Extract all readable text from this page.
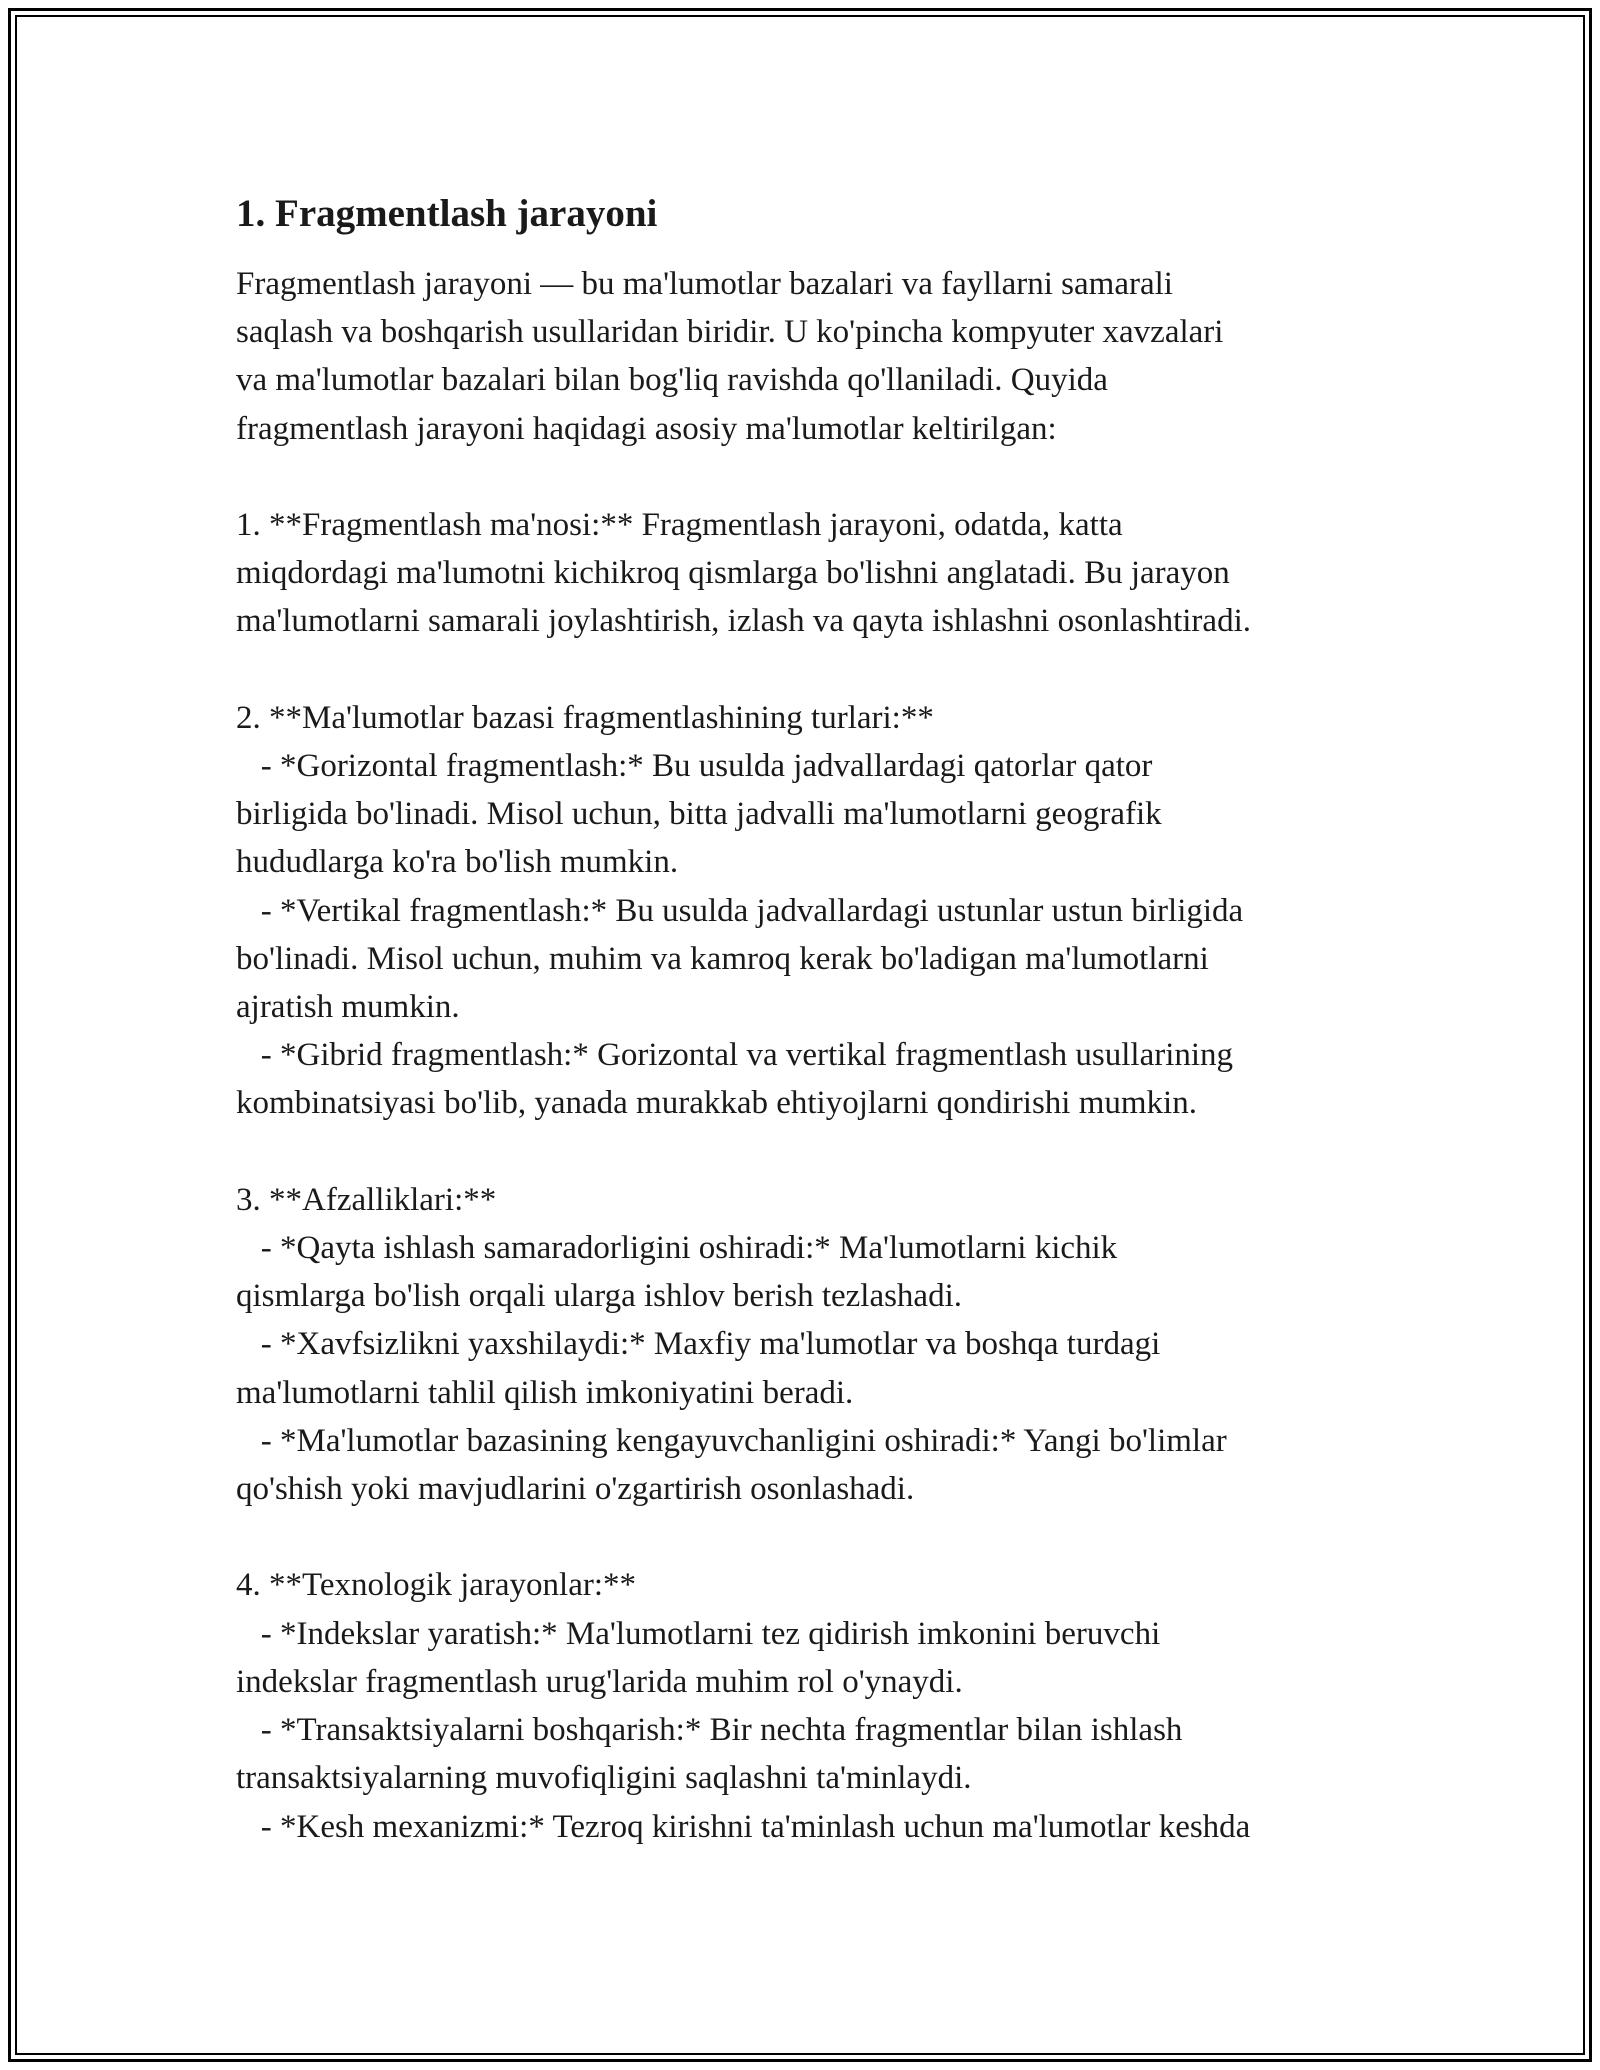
1. Fragmentlash jarayoni

Fragmentlash jarayoni — bu ma'lumotlar bazalari va fayllarni samarali
saqlash va boshqarish usullaridan biridir. U ko'pincha kompyuter xavzalari
va ma'lumotlar bazalari bilan bog'liq ravishda qo'llaniladi. Quyida
fragmentlash jarayoni haqidagi asosiy ma'lumotlar keltirilgan:

1. **Fragmentlash ma'nosi:** Fragmentlash jarayoni, odatda, katta
miqdordagi ma'lumotni kichikroq qismlarga bo'lishni anglatadi. Bu jarayon
ma'lumotlarni samarali joylashtirish, izlash va qayta ishlashni osonlashtiradi.

2. **Ma'lumotlar bazasi fragmentlashining turlari:**
- *Gorizontal fragmentlash:* Bu usulda jadvallardagi qatorlar qator
birligida bo'linadi. Misol uchun, bitta jadvalli ma'lumotlarni geografik
hududlarga ko'ra bo'lish mumkin.
- *Vertikal fragmentlash:* Bu usulda jadvallardagi ustunlar ustun birligida
bo'linadi. Misol uchun, muhim va kamroq kerak bo'ladigan ma'lumotlarni
ajratish mumkin.
- *Gibrid fragmentlash:* Gorizontal va vertikal fragmentlash usullarining
kombinatsiyasi bo'lib, yanada murakkab ehtiyojlarni qondirishi mumkin.

3. **Afzalliklari:**
- *Qayta ishlash samaradorligini oshiradi:* Ma'lumotlarni kichik
qismlarga bo'lish orqali ularga ishlov berish tezlashadi.
- *Xavfsizlikni yaxshilaydi:* Maxfiy ma'lumotlar va boshqa turdagi
ma'lumotlarni tahlil qilish imkoniyatini beradi.
- *Ma'lumotlar bazasining kengayuvchanligini oshiradi:* Yangi bo'limlar
qo'shish yoki mavjudlarini o'zgartirish osonlashadi.

4. **Texnologik jarayonlar:**
- *Indekslar yaratish:* Ma'lumotlarni tez qidirish imkonini beruvchi
indekslar fragmentlash urug'larida muhim rol o'ynaydi.
- *Transaktsiyalarni boshqarish:* Bir nechta fragmentlar bilan ishlash
transaktsiyalarning muvofiqligini saqlashni ta'minlaydi.
- *Kesh mexanizmi:* Tezroq kirishni ta'minlash uchun ma'lumotlar keshda
